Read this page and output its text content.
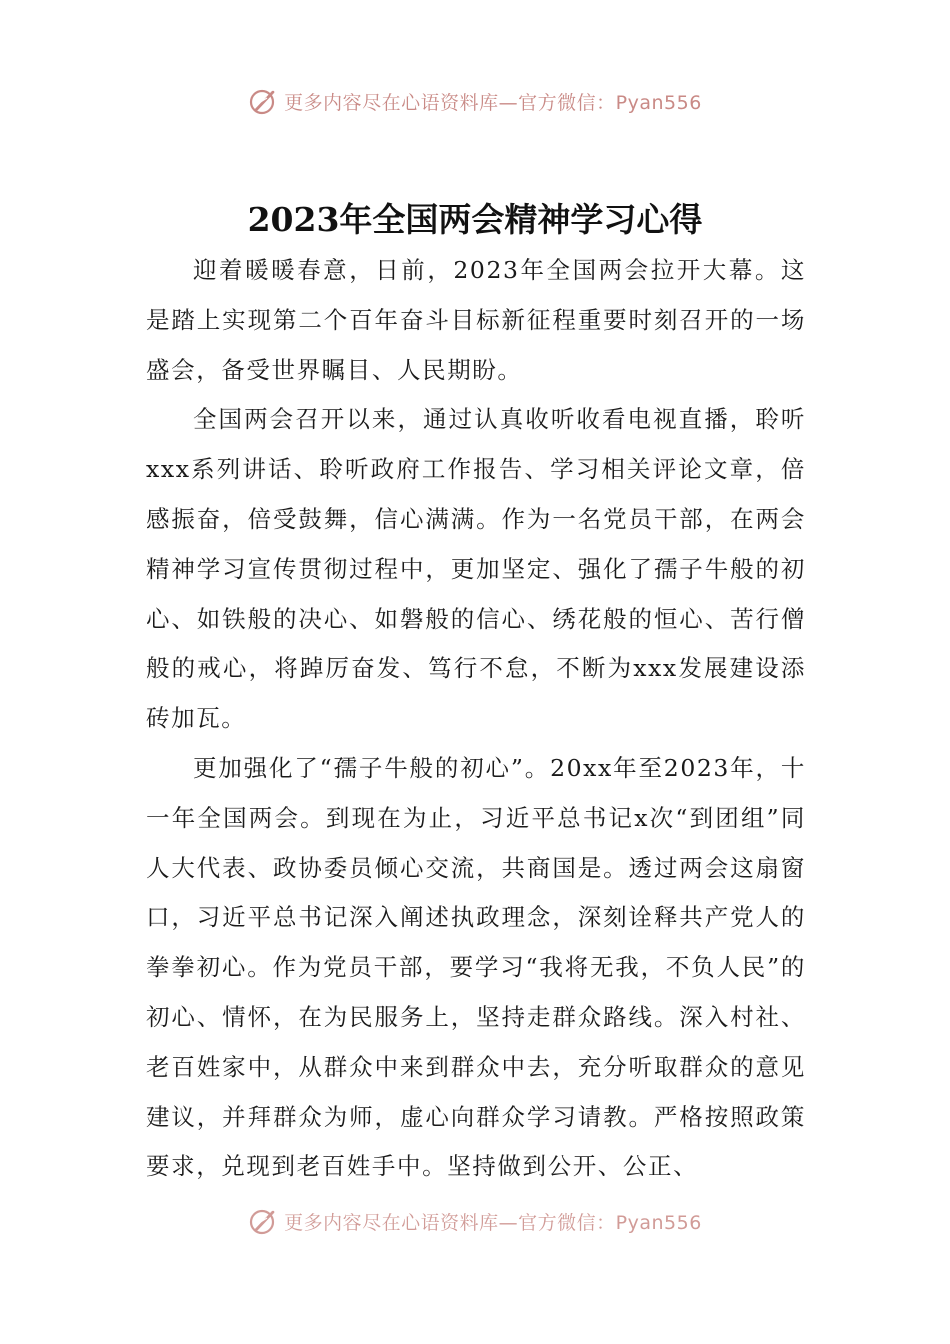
更多内容尽在心语资料库—官方微信：Pyan556
2023年全国两会精神学习心得

迎着暖暖春意，日前，2023年全国两会拉开大幕。这是踏上实现第二个百年奋斗目标新征程重要时刻召开的一场盛会，备受世界瞩目、人民期盼。

全国两会召开以来，通过认真收听收看电视直播，聆听xxx系列讲话、聆听政府工作报告、学习相关评论文章，倍感振奋，倍受鼓舞，信心满满。作为一名党员干部，在两会精神学习宣传贯彻过程中，更加坚定、强化了孺子牛般的初心、如铁般的决心、如磐般的信心、绣花般的恒心、苦行僧般的戒心，将踔厉奋发、笃行不怠，不断为xxx发展建设添砖加瓦。

更加强化了“孺子牛般的初心”。20xx年至2023年，十一年全国两会。到现在为止，习近平总书记x次“到团组”同人大代表、政协委员倾心交流，共商国是。透过两会这扇窗口，习近平总书记深入阐述执政理念，深刻诠释共产党人的拳拳初心。作为党员干部，要学习“我将无我，不负人民”的初心、情怀，在为民服务上，坚持走群众路线。深入村社、老百姓家中，从群众中来到群众中去，充分听取群众的意见建议，并拜群众为师，虚心向群众学习请教。严格按照政策要求，兑现到老百姓手中。坚持做到公开、公正、

更多内容尽在心语资料库—官方微信：Pyan556
